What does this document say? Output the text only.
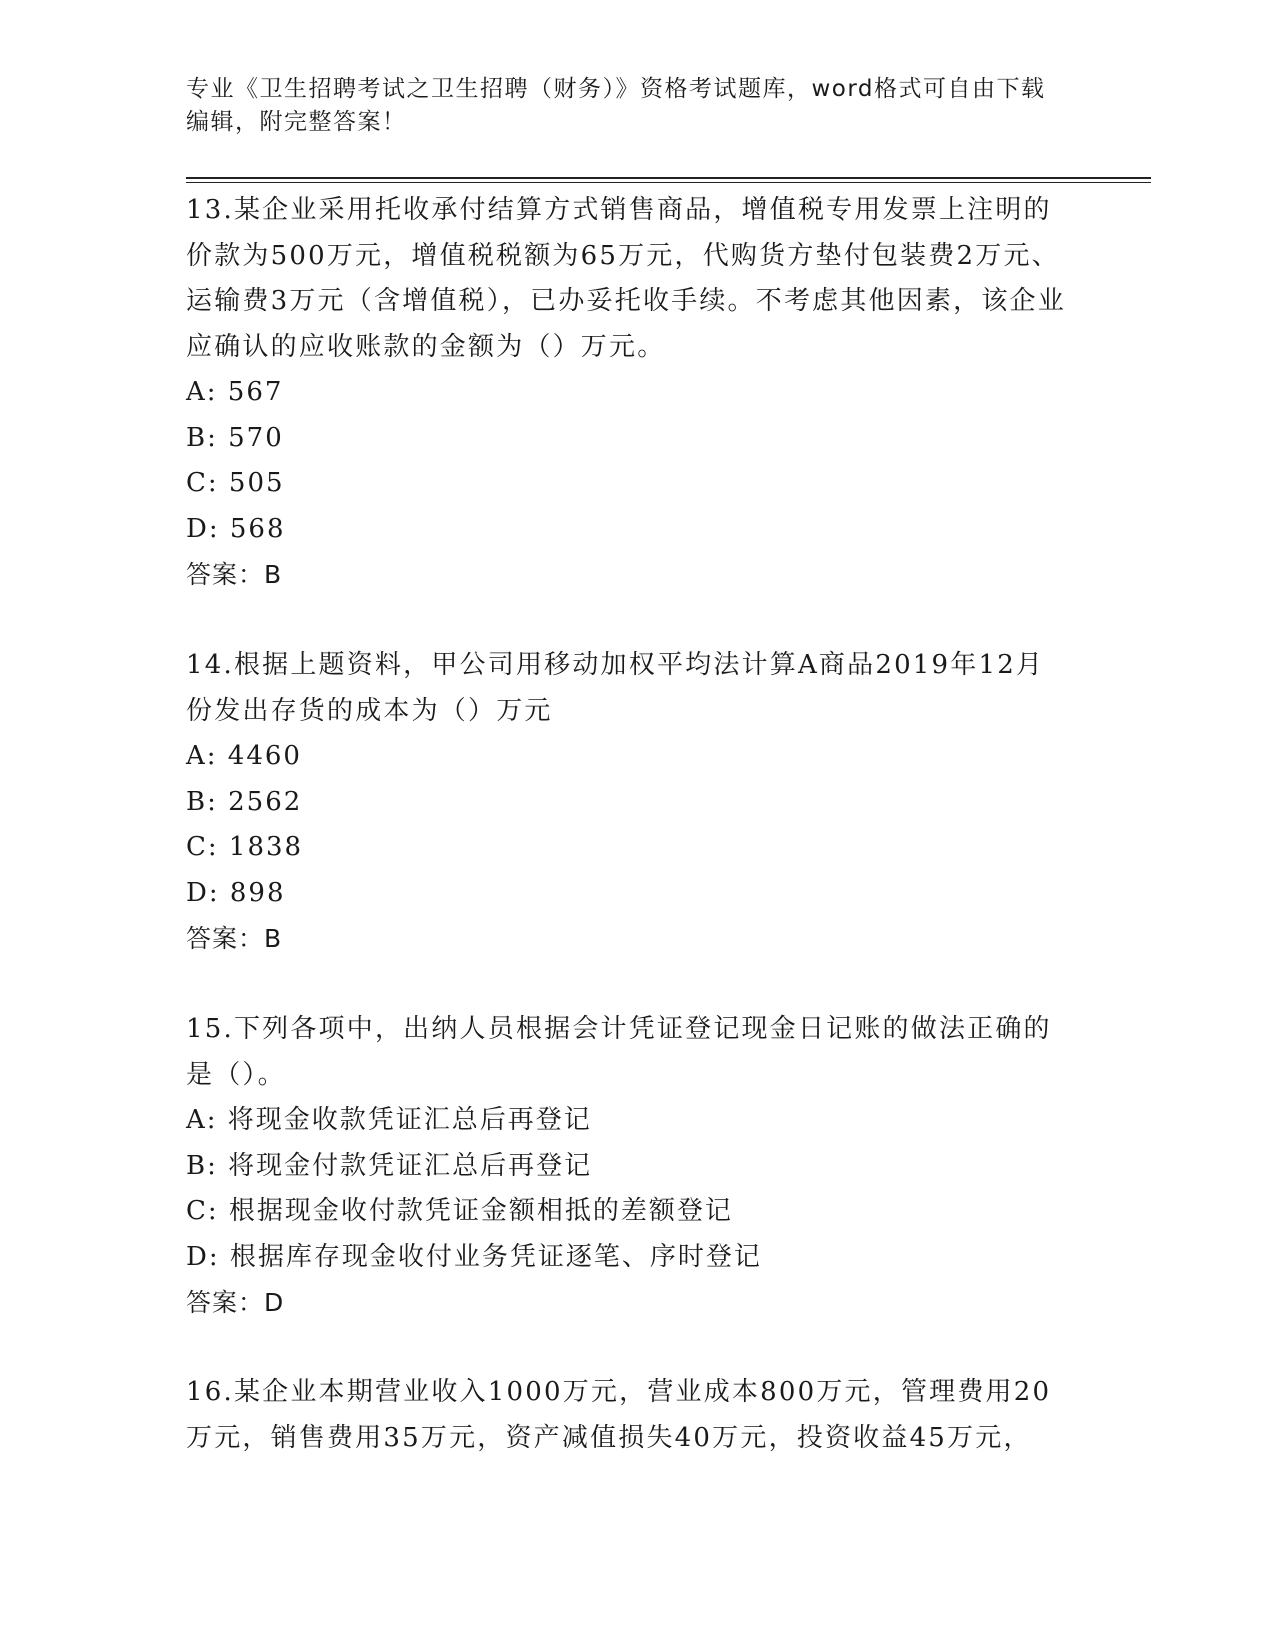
专业《卫生招聘考试之卫生招聘（财务）》资格考试题库，word格式可自由下载编辑，附完整答案！

13.某企业采用托收承付结算方式销售商品，增值税专用发票上注明的价款为500万元，增值税税额为65万元，代购货方垫付包装费2万元、运输费3万元（含增值税），已办妥托收手续。不考虑其他因素，该企业应确认的应收账款的金额为（）万元。

A: 567

B: 570

C: 505

D: 568

答案：B

14.根据上题资料，甲公司用移动加权平均法计算A商品2019年12月份发出存货的成本为（）万元

A: 4460

B: 2562

C: 1838

D: 898

答案：B

15.下列各项中，出纳人员根据会计凭证登记现金日记账的做法正确的是（）。

A: 将现金收款凭证汇总后再登记

B: 将现金付款凭证汇总后再登记

C: 根据现金收付款凭证金额相抵的差额登记

D: 根据库存现金收付业务凭证逐笔、序时登记

答案：D

16.某企业本期营业收入1000万元，营业成本800万元，管理费用20万元，销售费用35万元，资产减值损失40万元，投资收益45万元，
